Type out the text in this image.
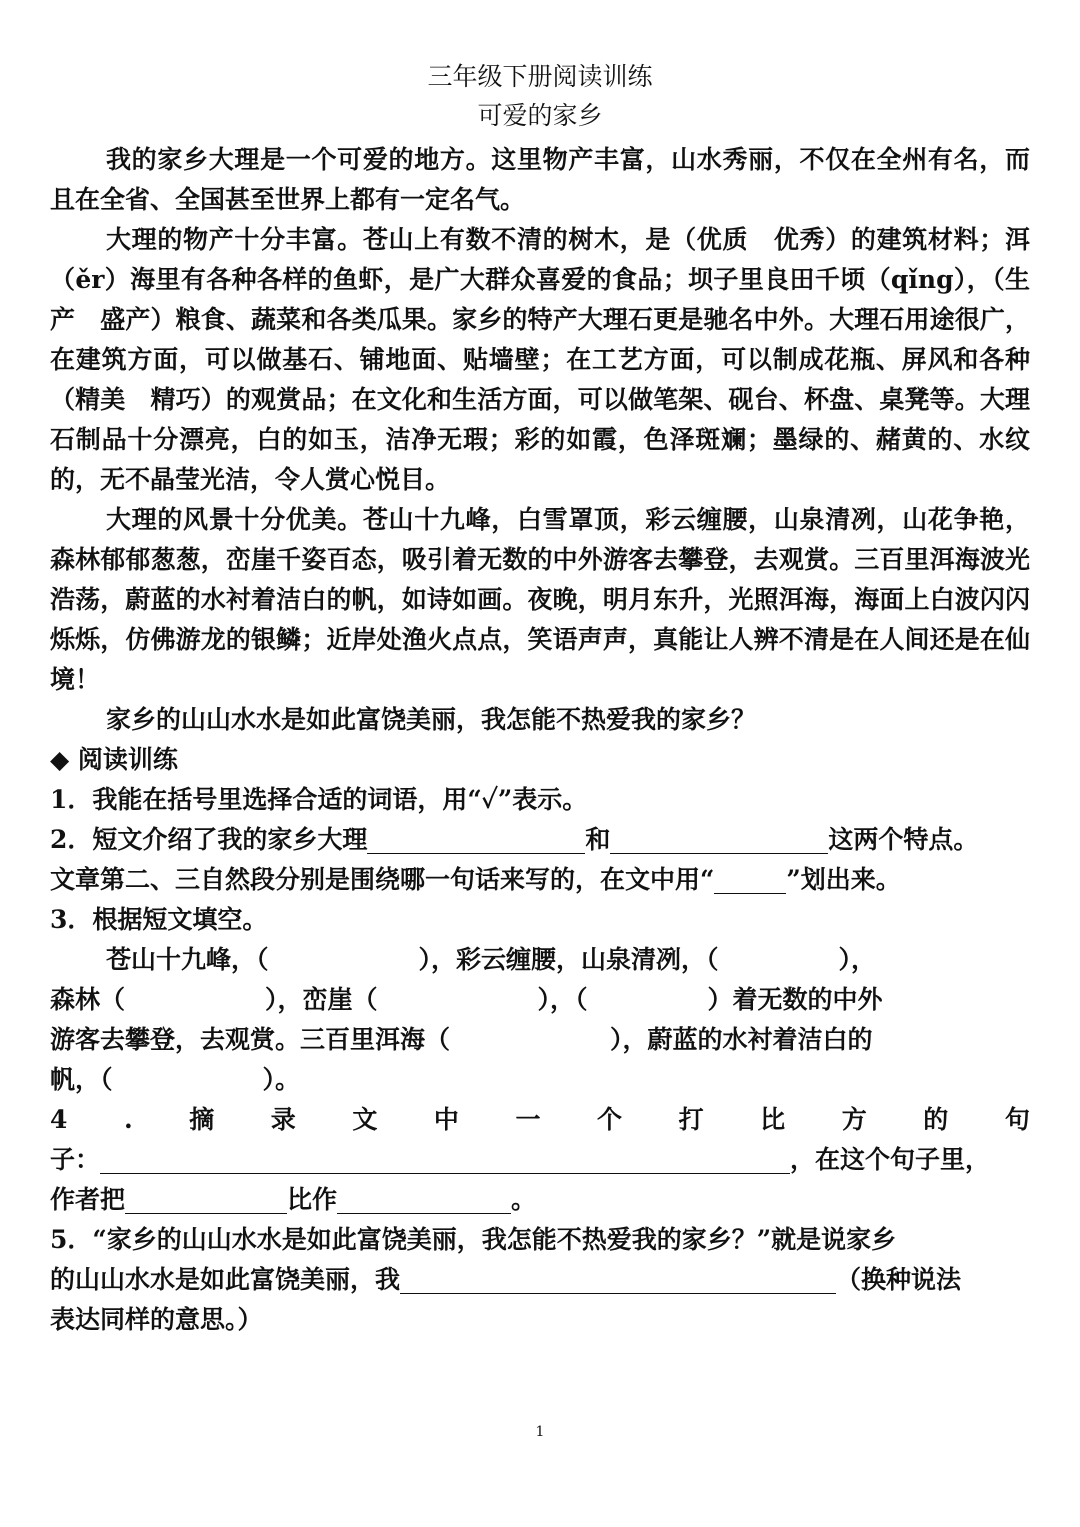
三年级下册阅读训练
可爱的家乡
我的家乡大理是一个可爱的地方。这里物产丰富，山水秀丽，不仅在全州有名，而且在全省、全国甚至世界上都有一定名气。
大理的物产十分丰富。苍山上有数不清的树木，是（优质　优秀）的建筑材料；洱（ěr）海里有各种各样的鱼虾，是广大群众喜爱的食品；坝子里良田千顷（qǐng），（生产　盛产）粮食、蔬菜和各类瓜果。家乡的特产大理石更是驰名中外。大理石用途很广，在建筑方面，可以做基石、铺地面、贴墙壁；在工艺方面，可以制成花瓶、屏风和各种（精美　精巧）的观赏品；在文化和生活方面，可以做笔架、砚台、杯盘、桌凳等。大理石制品十分漂亮，白的如玉，洁净无瑕；彩的如霞，色泽斑斓；墨绿的、赭黄的、水纹的，无不晶莹光洁，令人赏心悦目。
大理的风景十分优美。苍山十九峰，白雪罩顶，彩云缠腰，山泉清冽，山花争艳，森林郁郁葱葱，峦崖千姿百态，吸引着无数的中外游客去攀登，去观赏。三百里洱海波光浩荡，蔚蓝的水衬着洁白的帆，如诗如画。夜晚，明月东升，光照洱海，海面上白波闪闪烁烁，仿佛游龙的银鳞；近岸处渔火点点，笑语声声，真能让人辨不清是在人间还是在仙境！
家乡的山山水水是如此富饶美丽，我怎能不热爱我的家乡？
◆ 阅读训练
1．我能在括号里选择合适的词语，用“✓”表示。
2．短文介绍了我的家乡大理	和	这两个特点。
文章第二、三自然段分别是围绕哪一句话来写的，在文中用“	”划出来。
3．根据短文填空。
苍山十九峰，（	），彩云缠腰，山泉清冽，（	），
森林（	），峦崖（	），（	）着无数的中外
游客去攀登，去观赏。三百里洱海（	），蔚蓝的水衬着洁白的
帆，（	）。
4 . 摘 录 文 中 一 个 打 比 方 的 句
子：	，在这个句子里，
作者把	比作	。
5．“家乡的山山水水是如此富饶美丽，我怎能不热爱我的家乡？”就是说家乡
的山山水水是如此富饶美丽，我	（换种说法
表达同样的意思。）
1
